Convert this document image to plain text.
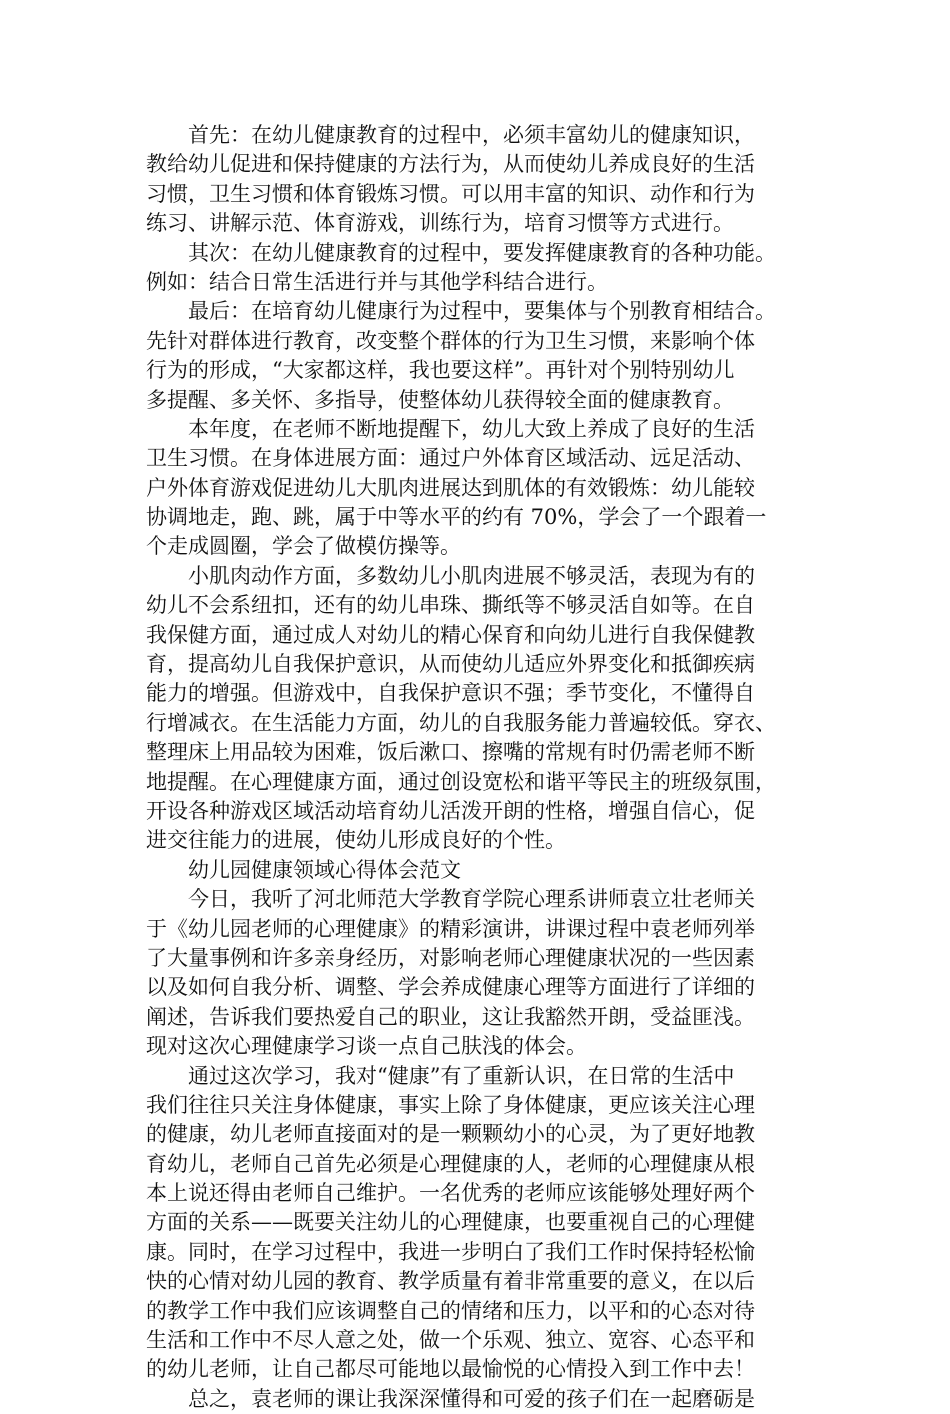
首先：在幼儿健康教育的过程中，必须丰富幼儿的健康知识，
教给幼儿促进和保持健康的方法行为，从而使幼儿养成良好的生活
习惯，卫生习惯和体育锻炼习惯。可以用丰富的知识、动作和行为
练习、讲解示范、体育游戏，训练行为，培育习惯等方式进行。
其次：在幼儿健康教育的过程中，要发挥健康教育的各种功能。
例如：结合日常生活进行并与其他学科结合进行。
最后：在培育幼儿健康行为过程中，要集体与个别教育相结合。
先针对群体进行教育，改变整个群体的行为卫生习惯，来影响个体
行为的形成，“大家都这样，我也要这样”。再针对个别特别幼儿
多提醒、多关怀、多指导，使整体幼儿获得较全面的健康教育。
本年度，在老师不断地提醒下，幼儿大致上养成了良好的生活
卫生习惯。在身体进展方面：通过户外体育区域活动、远足活动、
户外体育游戏促进幼儿大肌肉进展达到肌体的有效锻炼：幼儿能较
协调地走，跑、跳，属于中等水平的约有 70%，学会了一个跟着一
个走成圆圈，学会了做模仿操等。
小肌肉动作方面，多数幼儿小肌肉进展不够灵活，表现为有的
幼儿不会系纽扣，还有的幼儿串珠、撕纸等不够灵活自如等。在自
我保健方面，通过成人对幼儿的精心保育和向幼儿进行自我保健教
育，提高幼儿自我保护意识，从而使幼儿适应外界变化和抵御疾病
能力的增强。但游戏中，自我保护意识不强；季节变化，不懂得自
行增减衣。在生活能力方面，幼儿的自我服务能力普遍较低。穿衣、
整理床上用品较为困难，饭后漱口、擦嘴的常规有时仍需老师不断
地提醒。在心理健康方面，通过创设宽松和谐平等民主的班级氛围，
开设各种游戏区域活动培育幼儿活泼开朗的性格，增强自信心，促
进交往能力的进展，使幼儿形成良好的个性。
幼儿园健康领域心得体会范文
今日，我听了河北师范大学教育学院心理系讲师袁立壮老师关
于《幼儿园老师的心理健康》的精彩演讲，讲课过程中袁老师列举
了大量事例和许多亲身经历，对影响老师心理健康状况的一些因素
以及如何自我分析、调整、学会养成健康心理等方面进行了详细的
阐述，告诉我们要热爱自己的职业，这让我豁然开朗，受益匪浅。
现对这次心理健康学习谈一点自己肤浅的体会。
通过这次学习，我对“健康”有了重新认识，在日常的生活中
我们往往只关注身体健康，事实上除了身体健康，更应该关注心理
的健康，幼儿老师直接面对的是一颗颗幼小的心灵，为了更好地教
育幼儿，老师自己首先必须是心理健康的人，老师的心理健康从根
本上说还得由老师自己维护。一名优秀的老师应该能够处理好两个
方面的关系——既要关注幼儿的心理健康，也要重视自己的心理健
康。同时，在学习过程中，我进一步明白了我们工作时保持轻松愉
快的心情对幼儿园的教育、教学质量有着非常重要的意义，在以后
的教学工作中我们应该调整自己的情绪和压力，以平和的心态对待
生活和工作中不尽人意之处，做一个乐观、独立、宽容、心态平和
的幼儿老师，让自己都尽可能地以最愉悦的心情投入到工作中去！
总之，袁老师的课让我深深懂得和可爱的孩子们在一起磨砺是
